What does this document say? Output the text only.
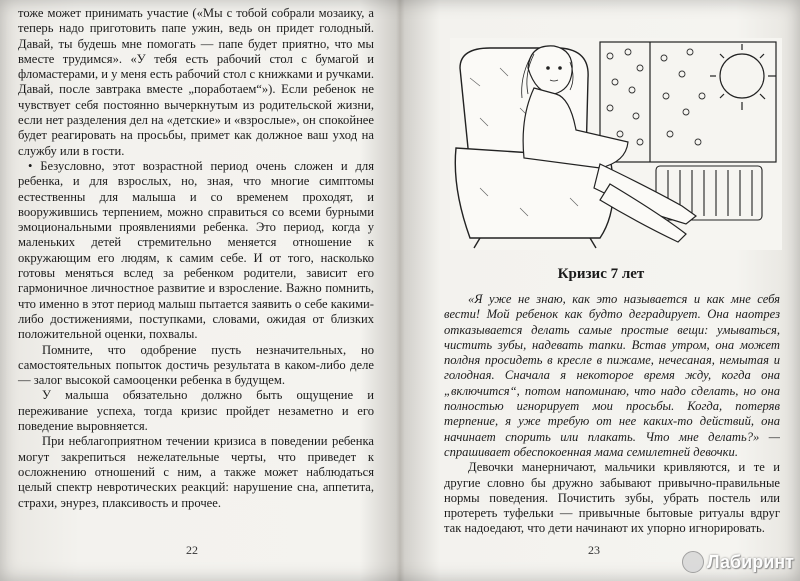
тоже может принимать участие («Мы с тобой собрали мозаику, а теперь надо приготовить папе ужин, ведь он придет голодный. Давай, ты будешь мне помогать — папе будет приятно, что мы вместе трудимся». «У тебя есть рабочий стол с бумагой и фломастерами, и у меня есть рабочий стол с книжками и ручками. Давай, после завтрака вместе „поработаем“»). Если ребенок не чувствует себя постоянно вычеркнутым из родительской жизни, если нет разделения дел на «детские» и «взрослые», он спокойнее будет реагировать на просьбы, примет как должное ваш уход на службу или в гости.

• Безусловно, этот возрастной период очень сложен и для ребенка, и для взрослых, но, зная, что многие симптомы естественны для малыша и со временем проходят, и вооружившись терпением, можно справиться со всеми бурными эмоциональными проявлениями ребенка. Это период, когда у маленьких детей стремительно меняется отношение к окружающим его людям, к самим себе. И от того, насколько готовы меняться вслед за ребенком родители, зависит его гармоничное личностное развитие и взросление. Важно помнить, что именно в этот период малыш пытается заявить о себе какими-либо достижениями, поступками, словами, ожидая от близких положительной оценки, похвалы.

Помните, что одобрение пусть незначительных, но самостоятельных попыток достичь результата в каком-либо деле — залог высокой самооценки ребенка в будущем.

У малыша обязательно должно быть ощущение и переживание успеха, тогда кризис пройдет незаметно и его поведение выровняется.

При неблагоприятном течении кризиса в поведении ребенка могут закрепиться нежелательные черты, что приведет к осложнению отношений с ним, а также может наблюдаться целый спектр невротических реакций: нарушение сна, аппетита, страхи, энурез, плаксивость и прочее.

22
Кризис 7 лет

«Я уже не знаю, как это называется и как мне себя вести! Мой ребенок как будто деградирует. Она наотрез отказывается делать самые простые вещи: умываться, чистить зубы, надевать тапки. Встав утром, она может полдня просидеть в кресле в пижаме, нечесаная, немытая и голодная. Сначала я некоторое время жду, когда она „включится“, потом напоминаю, что надо сделать, но она полностью игнорирует мои просьбы. Когда, потеряв терпение, я уже требую от нее каких-то действий, она начинает спорить или плакать. Что мне делать?» — спрашивает обеспокоенная мама семилетней девочки.

Девочки манерничают, мальчики кривляются, и те и другие словно бы дружно забывают привычно-правильные нормы поведения. Почистить зубы, убрать постель или протереть туфельки — привычные бытовые ритуалы вдруг так надоедают, что дети начинают их упорно игнорировать.

23
Лабиринт
